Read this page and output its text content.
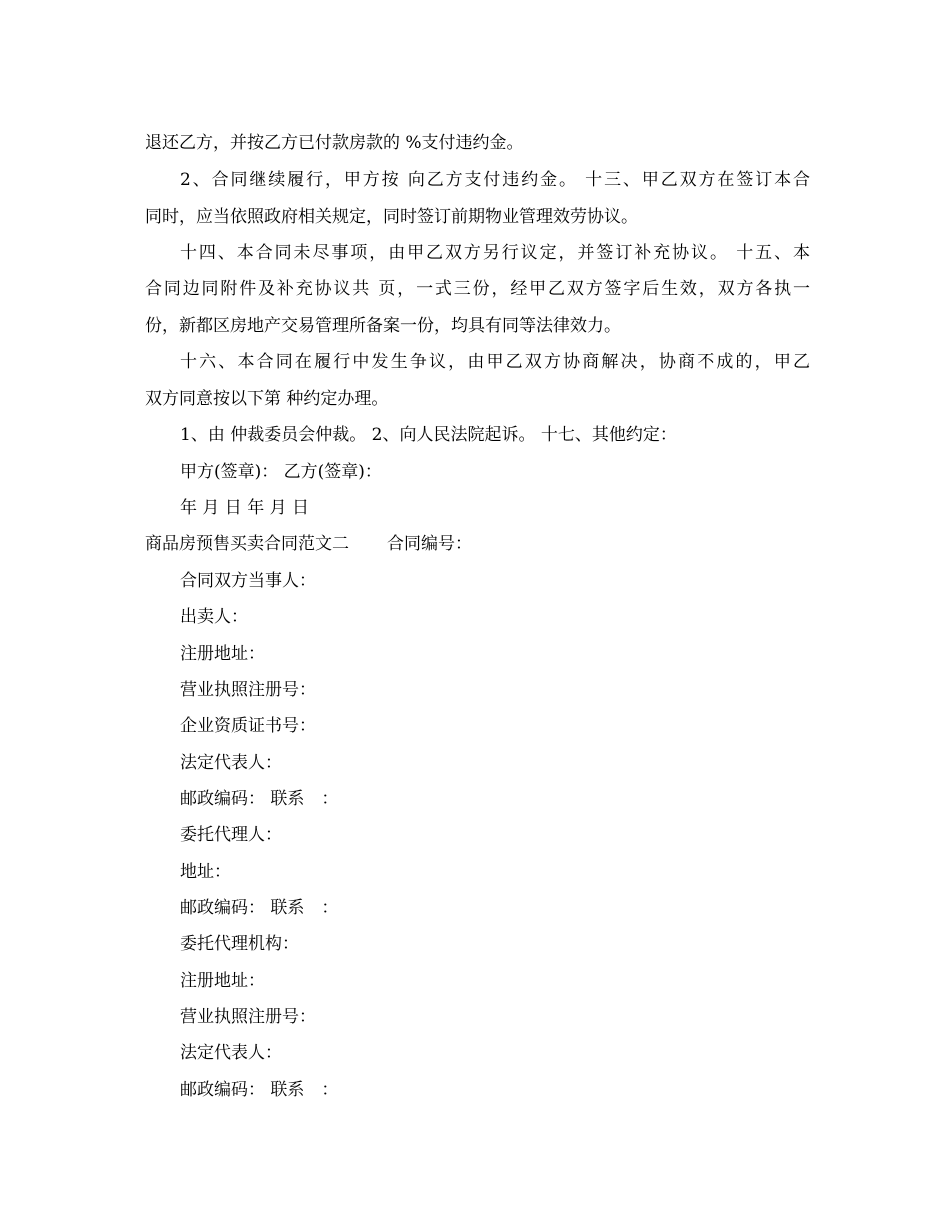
退还乙方，并按乙方已付款房款的 %支付违约金。
2、合同继续履行，甲方按 向乙方支付违约金。 十三、甲乙双方在签订本合
同时，应当依照政府相关规定，同时签订前期物业管理效劳协议。
十四、本合同未尽事项，由甲乙双方另行议定，并签订补充协议。 十五、本
合同边同附件及补充协议共 页，一式三份，经甲乙双方签字后生效，双方各执一
份，新都区房地产交易管理所备案一份，均具有同等法律效力。
十六、本合同在履行中发生争议，由甲乙双方协商解决，协商不成的，甲乙
双方同意按以下第 种约定办理。
1、由 仲裁委员会仲裁。 2、向人民法院起诉。 十七、其他约定：
甲方(签章)： 乙方(签章)：
年 月 日 年 月 日
商品房预售买卖合同范文二 合同编号：
合同双方当事人：
出卖人：
注册地址：
营业执照注册号：
企业资质证书号：
法定代表人：
邮政编码： 联系　：
委托代理人：
地址：
邮政编码： 联系　：
委托代理机构：
注册地址：
营业执照注册号：
法定代表人：
邮政编码： 联系　：
